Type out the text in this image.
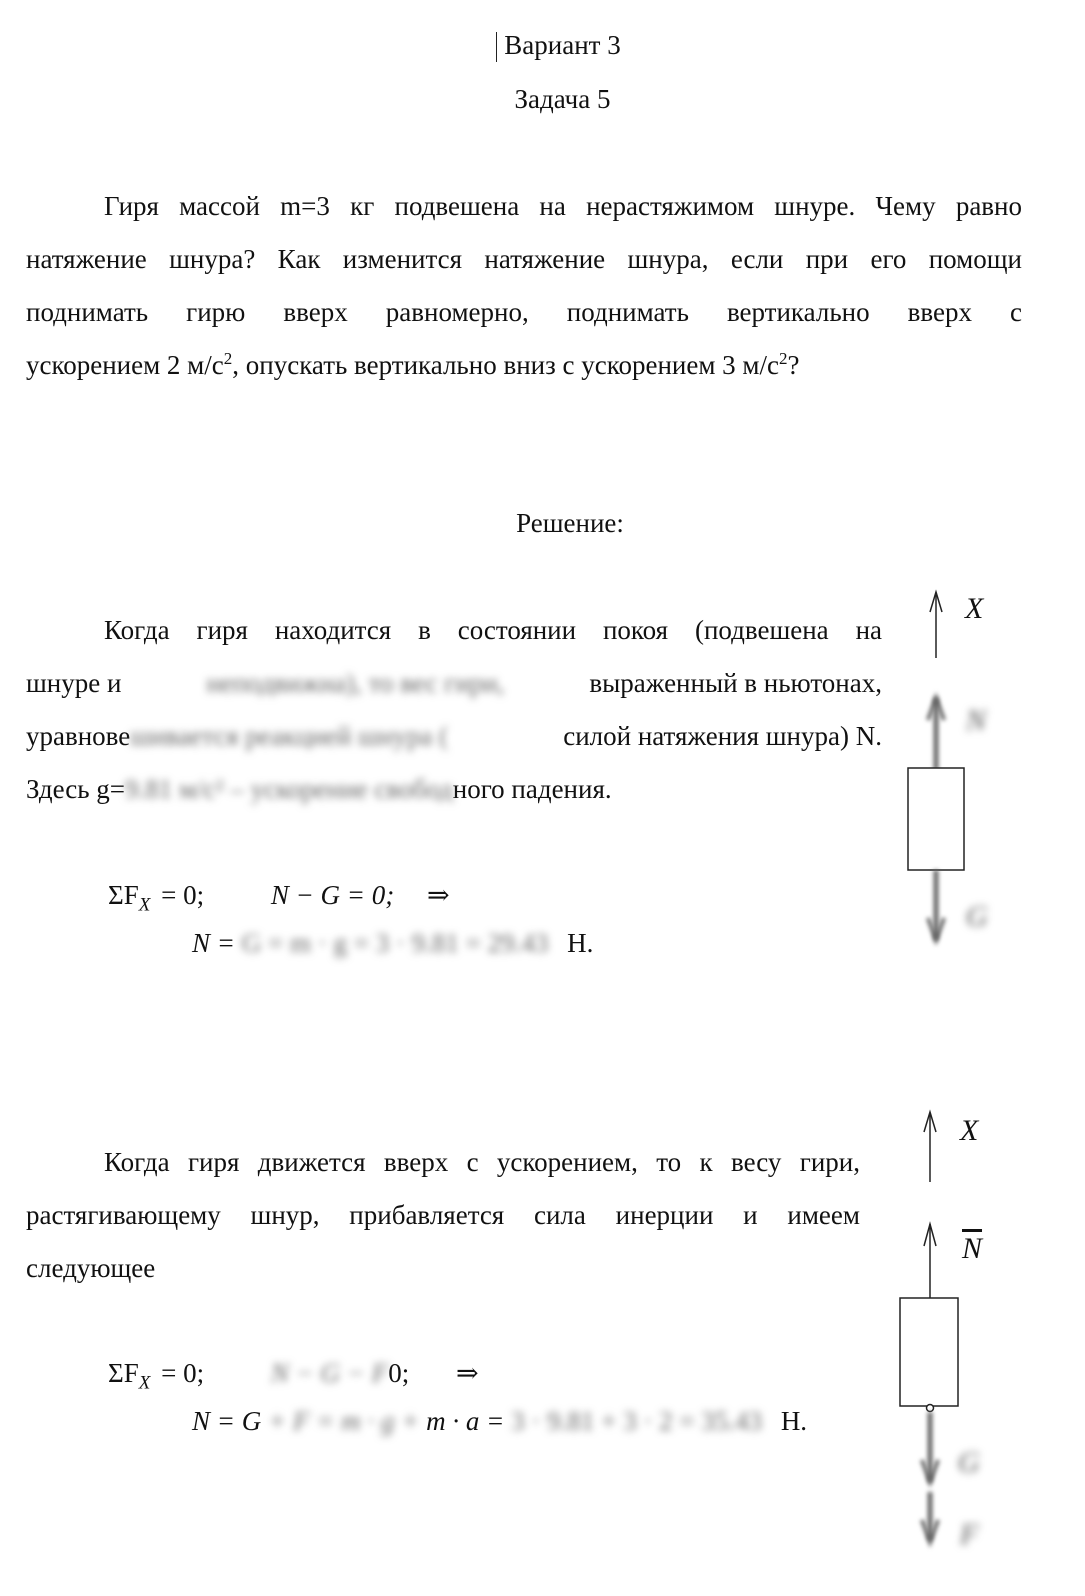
Вариант 3
Задача 5
Гиря массой m=3 кг подвешена на нерастяжимом шнуре. Чему равно
натяжение шнура? Как изменится натяжение шнура, если при его помощи
поднимать гирю вверх равномерно, поднимать вертикально вверх с
ускорением 2 $м/с^2$, опускать вертикально вниз с ускорением 3 $м/с^2$?
Решение:
Когда гиря находится в состоянии покоя (подвешена на
шнуре и	неподвижна), то вес гири,	выраженный в ньютонах,
уравновешивается реакцией шнура (	силой натяжения шнура) N.
Здесь g=9.81 м/с² – ускорение свободного падения.
$\Sigma F_X = 0$; N − G = 0; ⇒
N = G = m · g = 3 · 9.81 = 29.43 Н.
X
N
G
Когда гиря движется вверх с ускорением, то к весу гири,
растягивающему шнур, прибавляется сила инерции и имеем
следующее
$\Sigma F_X = 0$; N − G − F0; ⇒
N = G + F = m · g + m · a = 3 · 9.81 + 3 · 2 = 35.43 Н.
X
$\overline{N}$
G
F
